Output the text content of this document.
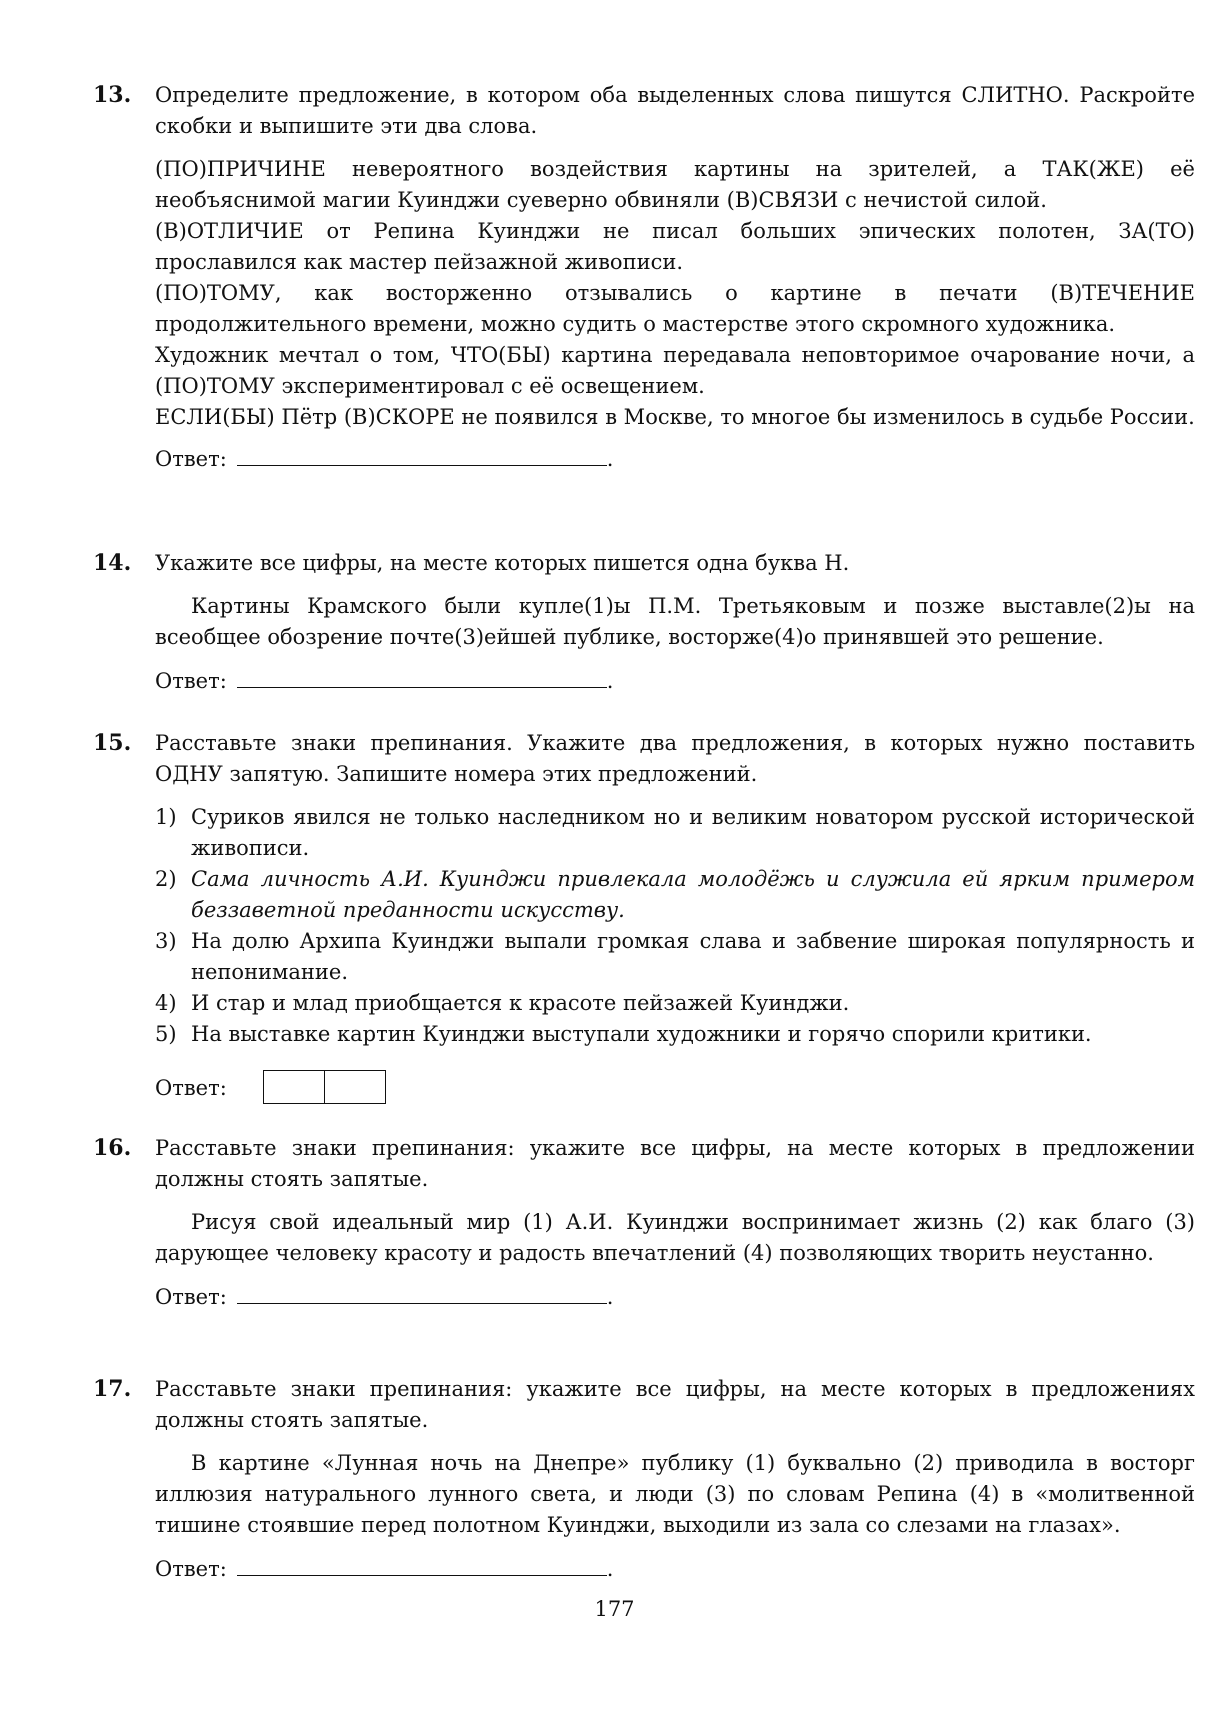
13. Определите предложение, в котором оба выделенных слова пишутся СЛИТНО. Раскройте скобки и выпишите эти два слова.

(ПО)ПРИЧИНЕ невероятного воздействия картины на зрителей, а ТАК(ЖЕ) её необъяснимой магии Куинджи суеверно обвиняли (В)СВЯЗИ с нечистой силой.

(В)ОТЛИЧИЕ от Репина Куинджи не писал больших эпических полотен, ЗА(ТО) прославился как мастер пейзажной живописи.

(ПО)ТОМУ, как восторженно отзывались о картине в печати (В)ТЕЧЕНИЕ продолжительного времени, можно судить о мастерстве этого скромного художника.

Художник мечтал о том, ЧТО(БЫ) картина передавала неповторимое очарование ночи, а (ПО)ТОМУ экспериментировал с её освещением.

ЕСЛИ(БЫ) Пётр (В)СКОРЕ не появился в Москве, то многое бы изменилось в судьбе России.

Ответ:	.
14. Укажите все цифры, на месте которых пишется одна буква Н.

Картины Крамского были купле(1)ы П.М. Третьяковым и позже выставле(2)ы на всеобщее обозрение почте(3)ейшей публике, восторже(4)о принявшей это решение.

Ответ:	.
15. Расставьте знаки препинания. Укажите два предложения, в которых нужно поставить ОДНУ запятую. Запишите номера этих предложений.

1) Суриков явился не только наследником но и великим новатором русской исторической живописи.
2) Сама личность А.И. Куинджи привлекала молодёжь и служила ей ярким примером беззаветной преданности искусству.
3) На долю Архипа Куинджи выпали громкая слава и забвение широкая популярность и непонимание.
4) И стар и млад приобщается к красоте пейзажей Куинджи.
5) На выставке картин Куинджи выступали художники и горячо спорили критики.
Ответ:
16. Расставьте знаки препинания: укажите все цифры, на месте которых в предложении должны стоять запятые.

Рисуя свой идеальный мир (1) А.И. Куинджи воспринимает жизнь (2) как благо (3) дарующее человеку красоту и радость впечатлений (4) позволяющих творить неустанно.

Ответ:	.
17. Расставьте знаки препинания: укажите все цифры, на месте которых в предложениях должны стоять запятые.

В картине «Лунная ночь на Днепре» публику (1) буквально (2) приводила в восторг иллюзия натурального лунного света, и люди (3) по словам Репина (4) в «молитвенной тишине стоявшие перед полотном Куинджи, выходили из зала со слезами на глазах».

Ответ:	.
177
